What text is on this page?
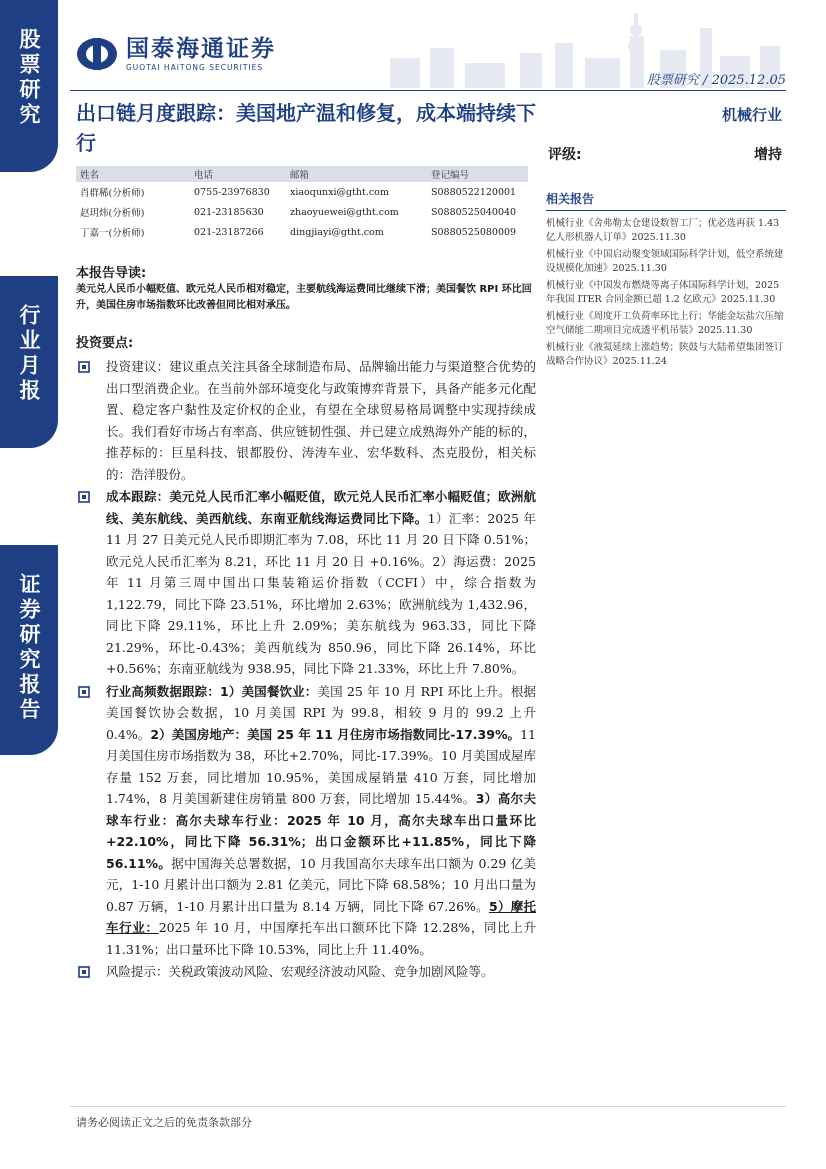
股票研究
行业月报
证券研究报告
国泰海通证券
GUOTAI HAITONG SECURITIES
股票研究 / 2025.12.05
出口链月度跟踪：美国地产温和修复，成本端持续下行
机械行业
评级:	增持
姓名	电话	邮箱	登记编号
肖群稀(分析师)	0755-23976830	xiaoqunxi@gtht.com	S0880522120001
赵玥炜(分析师)	021-23185630	zhaoyuewei@gtht.com	S0880525040040
丁嘉一(分析师)	021-23187266	dingjiayi@gtht.com	S0880525080009
相关报告
机械行业《舍弗勒太仓建设数智工厂；优必选再获 1.43 亿人形机器人订单》2025.11.30
机械行业《中国启动聚变领域国际科学计划，低空系统建设规模化加速》2025.11.30
机械行业《中国发布燃烧等离子体国际科学计划，2025 年我国 ITER 合同金额已超 1.2 亿欧元》2025.11.30
机械行业《周度开工负荷率环比上行；华能金坛盐穴压缩空气储能二期项目完成透平机吊装》2025.11.30
机械行业《液氦延续上涨趋势；陕鼓与大陆希望集团签订战略合作协议》2025.11.24
本报告导读:
美元兑人民币小幅贬值、欧元兑人民币相对稳定，主要航线海运费同比继续下滑；美国餐饮 RPI 环比回升，美国住房市场指数环比改善但同比相对承压。
投资要点:
投资建议：建议重点关注具备全球制造布局、品牌输出能力与渠道整合优势的出口型消费企业。在当前外部环境变化与政策博弈背景下，具备产能多元化配置、稳定客户黏性及定价权的企业，有望在全球贸易格局调整中实现持续成长。我们看好市场占有率高、供应链韧性强、并已建立成熟海外产能的标的，推荐标的：巨星科技、银都股份、涛涛车业、宏华数科、杰克股份，相关标的：浩洋股份。
成本跟踪：美元兑人民币汇率小幅贬值，欧元兑人民币汇率小幅贬值；欧洲航线、美东航线、美西航线、东南亚航线海运费同比下降。1）汇率：2025 年 11 月 27 日美元兑人民币即期汇率为 7.08，环比 11 月 20 日下降 0.51%；欧元兑人民币汇率为 8.21，环比 11 月 20 日 +0.16%。2）海运费：2025 年 11 月第三周中国出口集装箱运价指数（CCFI）中，综合指数为 1,122.79，同比下降 23.51%，环比增加 2.63%；欧洲航线为 1,432.96，同比下降 29.11%，环比上升 2.09%；美东航线为 963.33，同比下降 21.29%，环比-0.43%；美西航线为 850.96，同比下降 26.14%，环比+0.56%；东南亚航线为 938.95，同比下降 21.33%，环比上升 7.80%。
行业高频数据跟踪：1）美国餐饮业：美国 25 年 10 月 RPI 环比上升。根据美国餐饮协会数据，10 月美国 RPI 为 99.8，相较 9 月的 99.2 上升 0.4%。2）美国房地产：美国 25 年 11 月住房市场指数同比-17.39%。11 月美国住房市场指数为 38，环比+2.70%，同比-17.39%。10 月美国成屋库存量 152 万套，同比增加 10.95%，美国成屋销量 410 万套，同比增加 1.74%，8 月美国新建住房销量 800 万套，同比增加 15.44%。3）高尔夫球车行业：高尔夫球车行业：2025 年 10 月，高尔夫球车出口量环比+22.10%，同比下降 56.31%；出口金额环比+11.85%，同比下降 56.11%。据中国海关总署数据，10 月我国高尔夫球车出口额为 0.29 亿美元，1-10 月累计出口额为 2.81 亿美元，同比下降 68.58%；10 月出口量为 0.87 万辆，1-10 月累计出口量为 8.14 万辆，同比下降 67.26%。5）摩托车行业：2025 年 10 月，中国摩托车出口额环比下降 12.28%，同比上升 11.31%；出口量环比下降 10.53%，同比上升 11.40%。
风险提示：关税政策波动风险、宏观经济波动风险、竞争加剧风险等。
请务必阅读正文之后的免责条款部分
